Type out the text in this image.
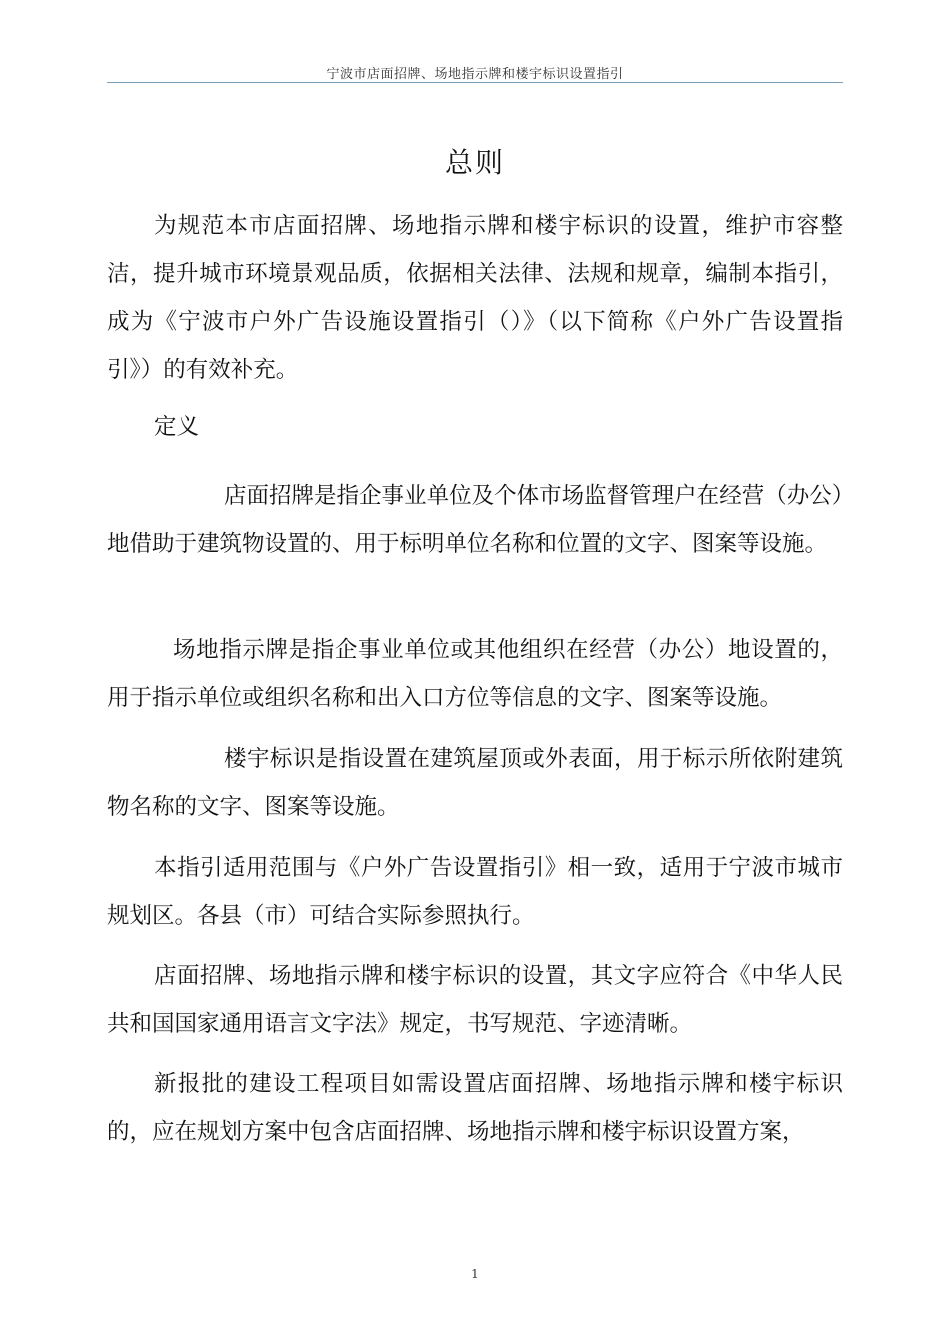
宁波市店面招牌、场地指示牌和楼宇标识设置指引
总则

为规范本市店面招牌、场地指示牌和楼宇标识的设置，维护市容整洁，提升城市环境景观品质，依据相关法律、法规和规章，编制本指引，成为《宁波市户外广告设施设置指引（）》（以下简称《户外广告设置指引》）的有效补充。

定义

店面招牌是指企事业单位及个体市场监督管理户在经营（办公）地借助于建筑物设置的、用于标明单位名称和位置的文字、图案等设施。

场地指示牌是指企事业单位或其他组织在经营（办公）地设置的，用于指示单位或组织名称和出入口方位等信息的文字、图案等设施。

楼宇标识是指设置在建筑屋顶或外表面，用于标示所依附建筑物名称的文字、图案等设施。

本指引适用范围与《户外广告设置指引》相一致，适用于宁波市城市规划区。各县（市）可结合实际参照执行。

店面招牌、场地指示牌和楼宇标识的设置，其文字应符合《中华人民共和国国家通用语言文字法》规定，书写规范、字迹清晰。

新报批的建设工程项目如需设置店面招牌、场地指示牌和楼宇标识的，应在规划方案中包含店面招牌、场地指示牌和楼宇标识设置方案，

1
